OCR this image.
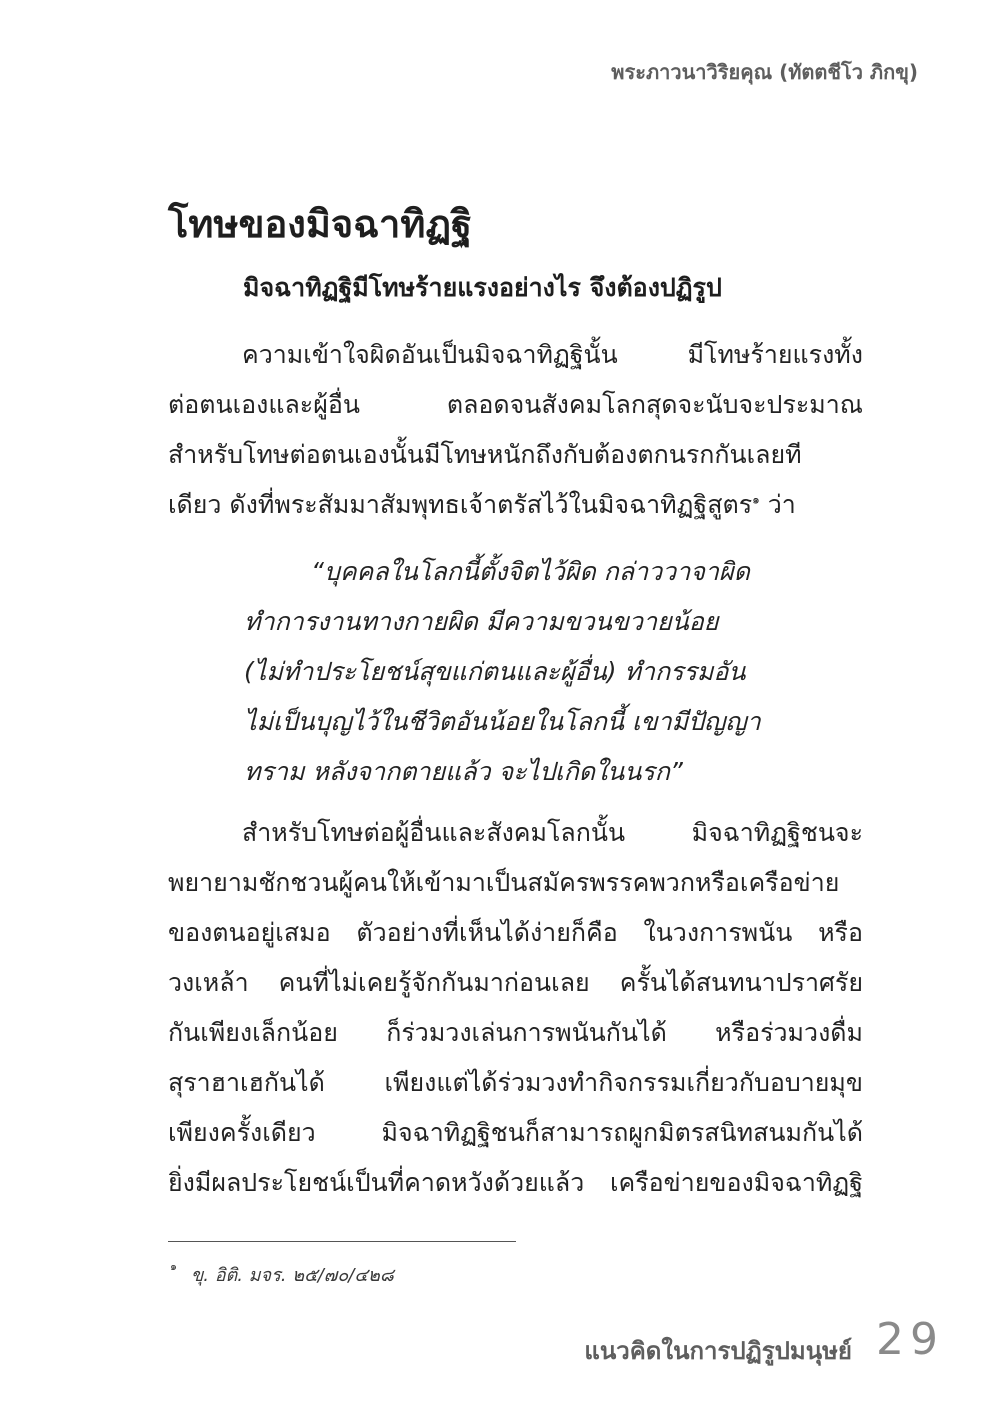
พระภาวนาวิริยคุณ (ทัตตชีโว ภิกขุ)
โทษของมิจฉาทิฏฐิ
มิจฉาทิฏฐิมีโทษร้ายแรงอย่างไร จึงต้องปฏิรูป
ความเข้าใจผิดอันเป็นมิจฉาทิฏฐินั้น มีโทษร้ายแรงทั้ง
ต่อตนเองและผู้อื่น ตลอดจนสังคมโลกสุดจะนับจะประมาณ
สำหรับโทษต่อตนเองนั้นมีโทษหนักถึงกับต้องตกนรกกันเลยที
เดียว ดังที่พระสัมมาสัมพุทธเจ้าตรัสไว้ในมิจฉาทิฏฐิสูตร$^๑$ ว่า
“บุคคลในโลกนี้ตั้งจิตไว้ผิด กล่าววาจาผิด
ทำการงานทางกายผิด มีความขวนขวายน้อย
(ไม่ทำประโยชน์สุขแก่ตนและผู้อื่น) ทำกรรมอัน
ไม่เป็นบุญไว้ในชีวิตอันน้อยในโลกนี้ เขามีปัญญา
ทราม หลังจากตายแล้ว จะไปเกิดในนรก”
สำหรับโทษต่อผู้อื่นและสังคมโลกนั้น มิจฉาทิฏฐิชนจะ
พยายามชักชวนผู้คนให้เข้ามาเป็นสมัครพรรคพวกหรือเครือข่าย
ของตนอยู่เสมอ ตัวอย่างที่เห็นได้ง่ายก็คือ ในวงการพนัน หรือ
วงเหล้า คนที่ไม่เคยรู้จักกันมาก่อนเลย ครั้นได้สนทนาปราศรัย
กันเพียงเล็กน้อย ก็ร่วมวงเล่นการพนันกันได้ หรือร่วมวงดื่ม
สุราฮาเฮกันได้ เพียงแต่ได้ร่วมวงทำกิจกรรมเกี่ยวกับอบายมุข
เพียงครั้งเดียว มิจฉาทิฏฐิชนก็สามารถผูกมิตรสนิทสนมกันได้
ยิ่งมีผลประโยชน์เป็นที่คาดหวังด้วยแล้ว เครือข่ายของมิจฉาทิฏฐิ
$^๑$ ขุ. อิติ. มจร. ๒๕/๗๐/๔๒๘
แนวคิดในการปฏิรูปมนุษย์ 29
